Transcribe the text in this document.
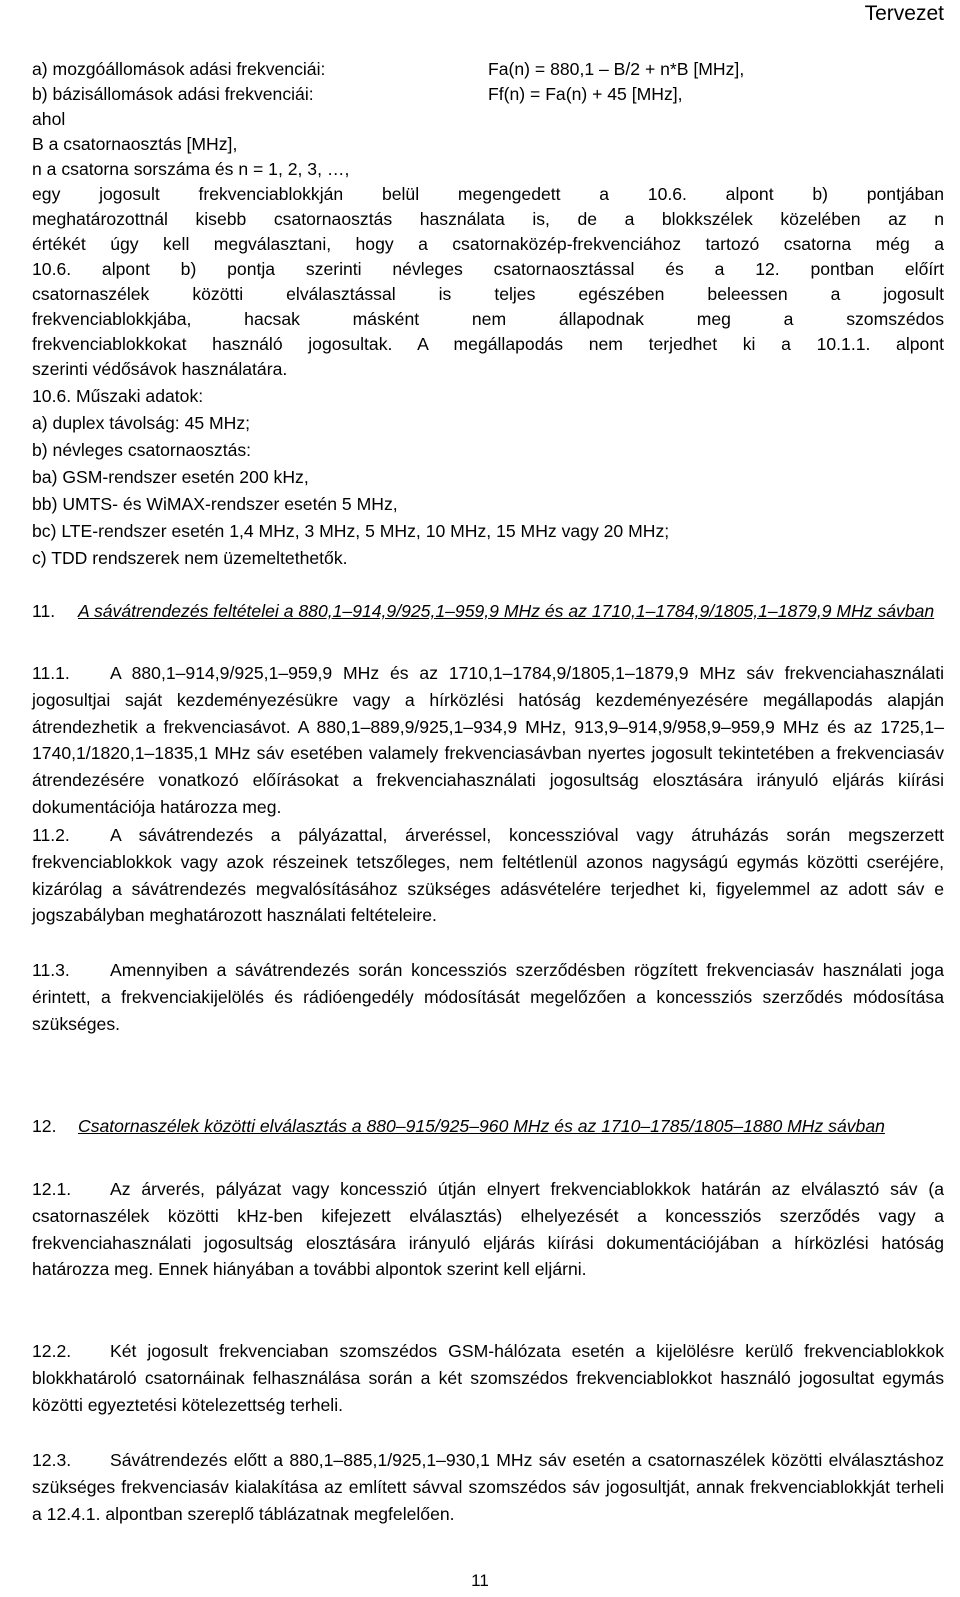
Tervezet
a) mozgóállomások adási frekvenciái:	Fa(n) = 880,1 – B/2 + n*B [MHz],
b) bázisállomások adási frekvenciái:	Ff(n) = Fa(n) + 45 [MHz],
ahol
B a csatornaosztás [MHz],
n a csatorna sorszáma és n = 1, 2, 3, …,
egy jogosult frekvenciablokkján belül megengedett a 10.6. alpont b) pontjában
meghatározottnál kisebb csatornaosztás használata is, de a blokkszélek közelében az n
értékét úgy kell megválasztani, hogy a csatornaközép-frekvenciához tartozó csatorna még a
10.6. alpont b) pontja szerinti névleges csatornaosztással és a 12. pontban előírt
csatornaszélek közötti elválasztással is teljes egészében beleessen a jogosult
frekvenciablokkjába, hacsak másként nem állapodnak meg a szomszédos
frekvenciablokkokat használó jogosultak. A megállapodás nem terjedhet ki a 10.1.1. alpont
szerinti védősávok használatára.
10.6. Műszaki adatok:
a) duplex távolság: 45 MHz;
b) névleges csatornaosztás:
ba) GSM-rendszer esetén 200 kHz,
bb) UMTS- és WiMAX-rendszer esetén 5 MHz,
bc) LTE-rendszer esetén 1,4 MHz, 3 MHz, 5 MHz, 10 MHz, 15 MHz vagy 20 MHz;
c) TDD rendszerek nem üzemeltethetők.
11. A sávátrendezés feltételei a 880,1–914,9/925,1–959,9 MHz és az 1710,1–1784,9/1805,1–1879,9 MHz sávban
11.1. A 880,1–914,9/925,1–959,9 MHz és az 1710,1–1784,9/1805,1–1879,9 MHz sáv frekvenciahasználati jogosultjai saját kezdeményezésükre vagy a hírközlési hatóság kezdeményezésére megállapodás alapján átrendezhetik a frekvenciasávot. A 880,1–889,9/925,1–934,9 MHz, 913,9–914,9/958,9–959,9 MHz és az 1725,1–1740,1/1820,1–1835,1 MHz sáv esetében valamely frekvenciasávban nyertes jogosult tekintetében a frekvenciasáv átrendezésére vonatkozó előírásokat a frekvenciahasználati jogosultság elosztására irányuló eljárás kiírási dokumentációja határozza meg.
11.2. A sávátrendezés a pályázattal, árveréssel, koncesszióval vagy átruházás során megszerzett frekvenciablokkok vagy azok részeinek tetszőleges, nem feltétlenül azonos nagyságú egymás közötti cseréjére, kizárólag a sávátrendezés megvalósításához szükséges adásvételére terjedhet ki, figyelemmel az adott sáv e jogszabályban meghatározott használati feltételeire.
11.3. Amennyiben a sávátrendezés során koncessziós szerződésben rögzített frekvenciasáv használati joga érintett, a frekvenciakijelölés és rádióengedély módosítását megelőzően a koncessziós szerződés módosítása szükséges.
12. Csatornaszélek közötti elválasztás a 880–915/925–960 MHz és az 1710–1785/1805–1880 MHz sávban
12.1. Az árverés, pályázat vagy koncesszió útján elnyert frekvenciablokkok határán az elválasztó sáv (a csatornaszélek közötti kHz-ben kifejezett elválasztás) elhelyezését a koncessziós szerződés vagy a frekvenciahasználati jogosultság elosztására irányuló eljárás kiírási dokumentációjában a hírközlési hatóság határozza meg. Ennek hiányában a további alpontok szerint kell eljárni.
12.2. Két jogosult frekvenciaban szomszédos GSM-hálózata esetén a kijelölésre kerülő frekvenciablokkok blokkhatároló csatornáinak felhasználása során a két szomszédos frekvenciablokkot használó jogosultat egymás közötti egyeztetési kötelezettség terheli.
12.3. Sávátrendezés előtt a 880,1–885,1/925,1–930,1 MHz sáv esetén a csatornaszélek közötti elválasztáshoz szükséges frekvenciasáv kialakítása az említett sávval szomszédos sáv jogosultját, annak frekvenciablokkját terheli a 12.4.1. alpontban szereplő táblázatnak megfelelően.
11
